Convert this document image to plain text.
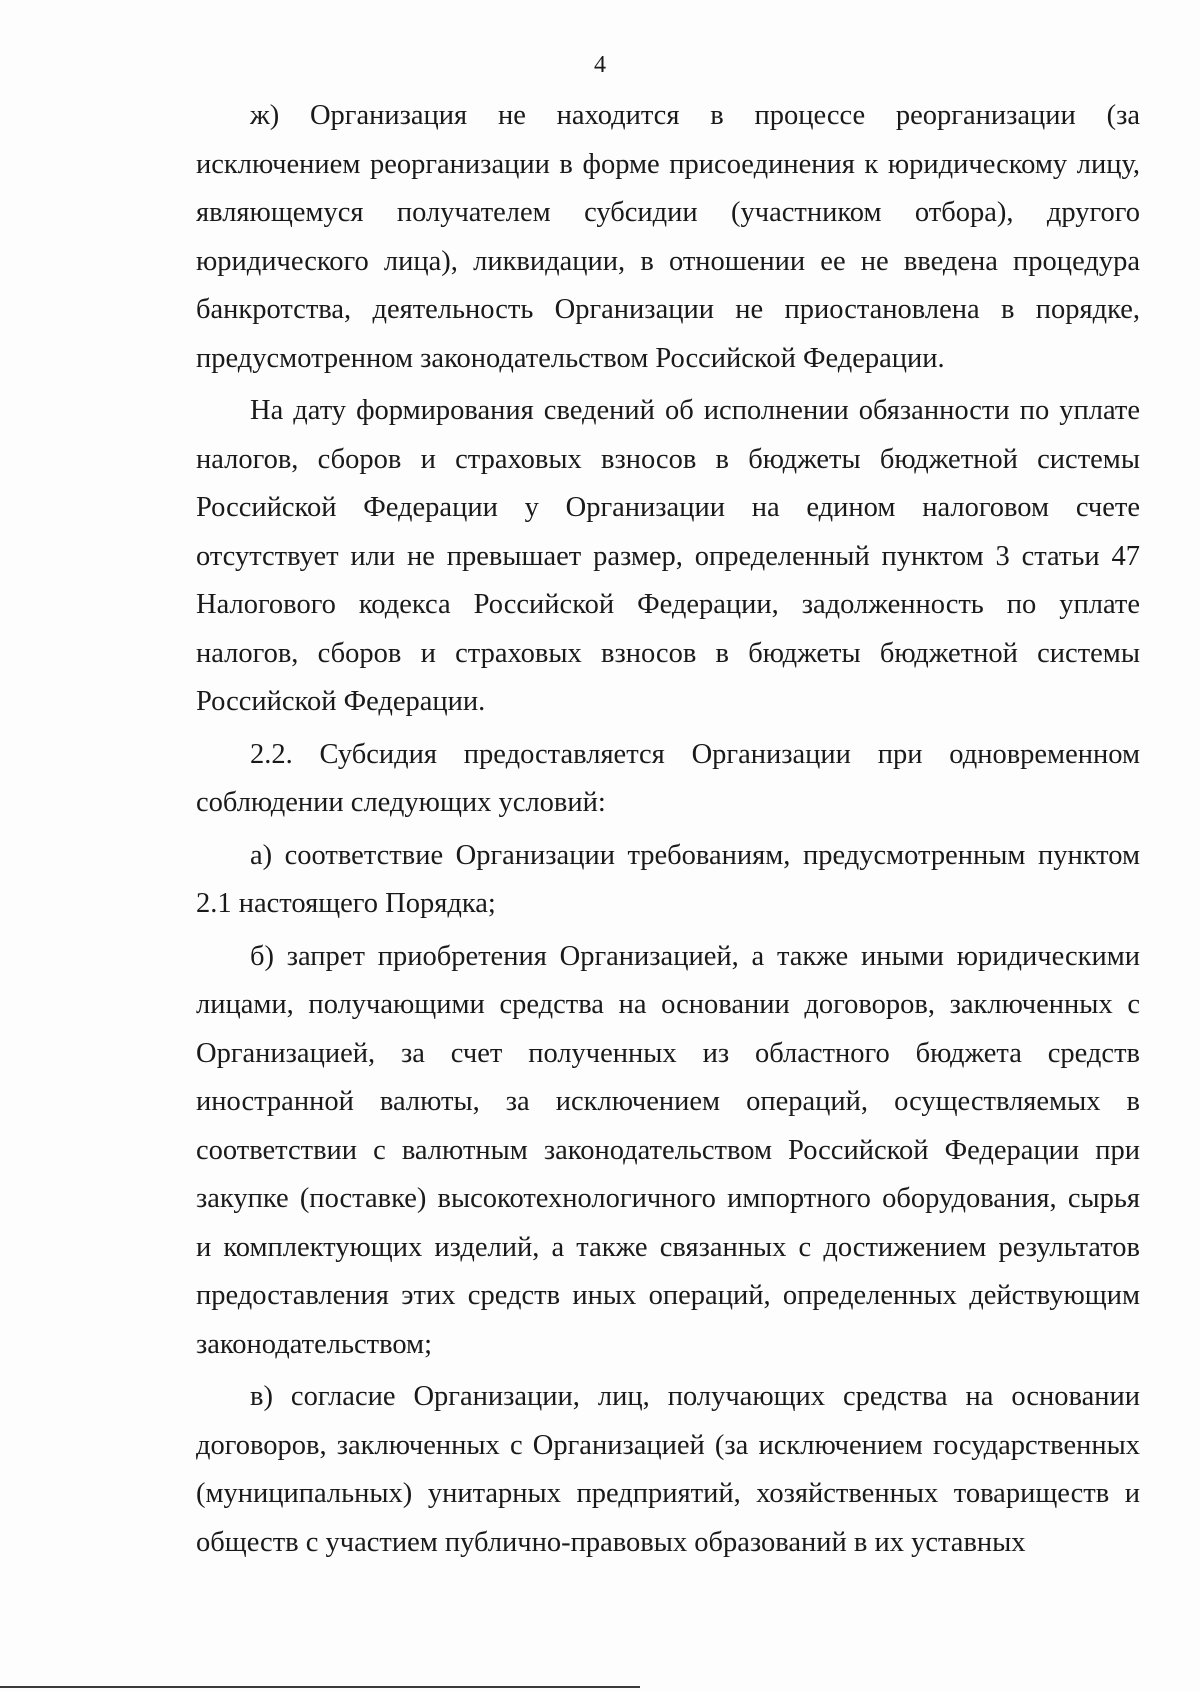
4

ж) Организация не находится в процессе реорганизации (за исключением реорганизации в форме присоединения к юридическому лицу, являющемуся получателем субсидии (участником отбора), другого юридического лица), ликвидации, в отношении ее не введена процедура банкротства, деятельность Организации не приостановлена в порядке, предусмотренном законодательством Российской Федерации.

На дату формирования сведений об исполнении обязанности по уплате налогов, сборов и страховых взносов в бюджеты бюджетной системы Российской Федерации у Организации на едином налоговом счете отсутствует или не превышает размер, определенный пунктом 3 статьи 47 Налогового кодекса Российской Федерации, задолженность по уплате налогов, сборов и страховых взносов в бюджеты бюджетной системы Российской Федерации.

2.2. Субсидия предоставляется Организации при одновременном соблюдении следующих условий:

а) соответствие Организации требованиям, предусмотренным пунктом 2.1 настоящего Порядка;

б) запрет приобретения Организацией, а также иными юридическими лицами, получающими средства на основании договоров, заключенных с Организацией, за счет полученных из областного бюджета средств иностранной валюты, за исключением операций, осуществляемых в соответствии с валютным законодательством Российской Федерации при закупке (поставке) высокотехнологичного импортного оборудования, сырья и комплектующих изделий, а также связанных с достижением результатов предоставления этих средств иных операций, определенных действующим законодательством;

в) согласие Организации, лиц, получающих средства на основании договоров, заключенных с Организацией (за исключением государственных (муниципальных) унитарных предприятий, хозяйственных товариществ и обществ с участием публично-правовых образований в их уставных
